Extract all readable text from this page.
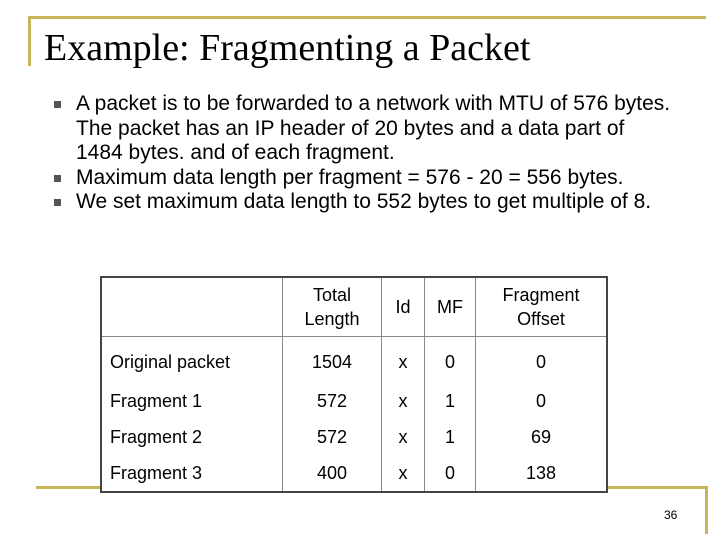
Example: Fragmenting a Packet
A packet is to be forwarded to a network with MTU of 576 bytes. The packet has an IP header of 20 bytes and a data part of 1484 bytes. and of each fragment.
Maximum data length per fragment = 576 - 20 = 556 bytes.
We set maximum data length to 552 bytes to get multiple of 8.
	Total Length	Id	MF	Fragment Offset
Original packet	1504	x	0	0
Fragment 1	572	x	1	0
Fragment 2	572	x	1	69
Fragment 3	400	x	0	138
36
